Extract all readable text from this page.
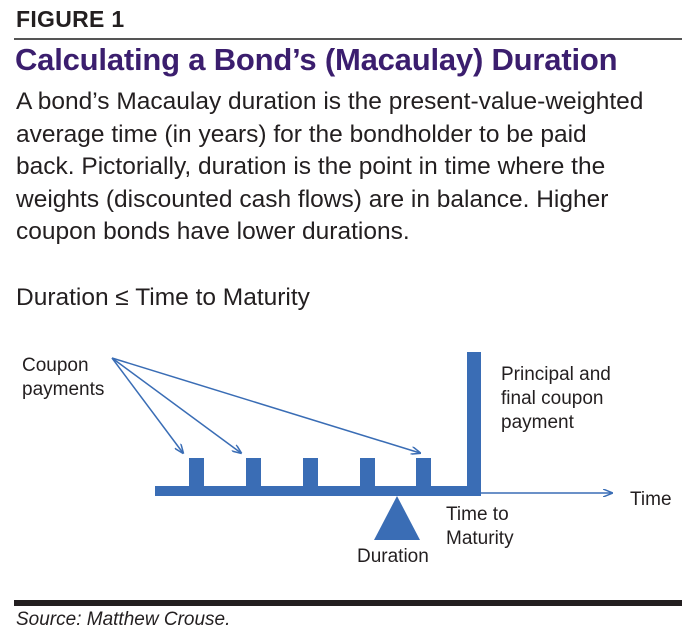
FIGURE 1
Calculating a Bond’s (Macaulay) Duration
A bond’s Macaulay duration is the present-value-weighted
average time (in years) for the bondholder to be paid
back. Pictorially, duration is the point in time where the
weights (discounted cash flows) are in balance. Higher
coupon bonds have lower durations.
Duration ≤ Time to Maturity
Coupon
payments
Principal and
final coupon
payment
Time
Time to
Maturity
Duration
Source: Matthew Crouse.
